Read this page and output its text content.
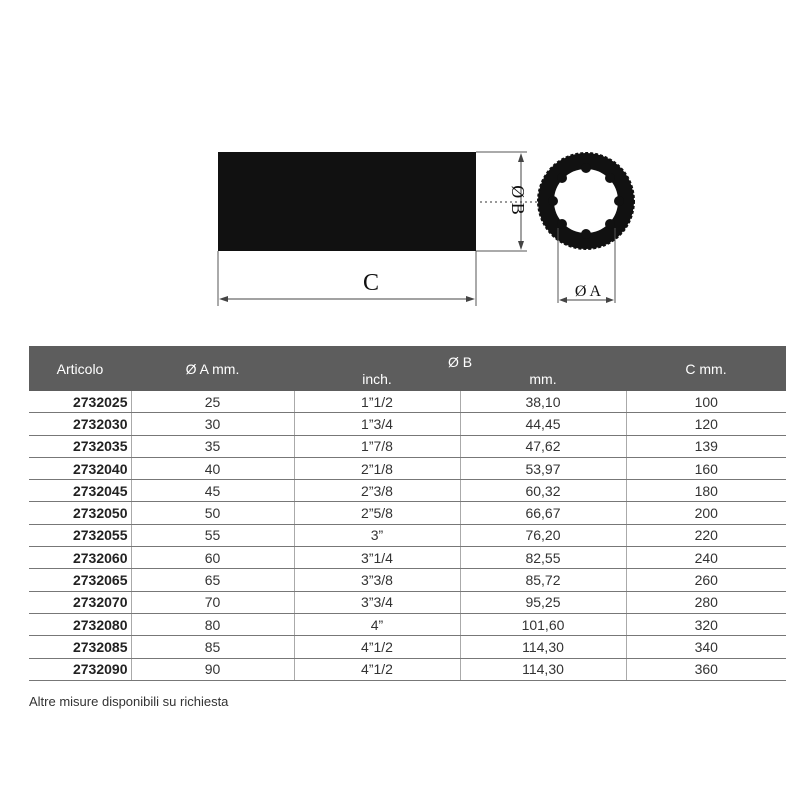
C
Ø B
Ø A
Articolo	Ø A mm.	Ø B		C mm.
		inch.	mm.	
2732025	25	1”1/2	38,10	100
2732030	30	1”3/4	44,45	120
2732035	35	1”7/8	47,62	139
2732040	40	2”1/8	53,97	160
2732045	45	2”3/8	60,32	180
2732050	50	2”5/8	66,67	200
2732055	55	3”	76,20	220
2732060	60	3”1/4	82,55	240
2732065	65	3”3/8	85,72	260
2732070	70	3”3/4	95,25	280
2732080	80	4”	101,60	320
2732085	85	4”1/2	114,30	340
2732090	90	4”1/2	114,30	360
Altre misure disponibili su richiesta
